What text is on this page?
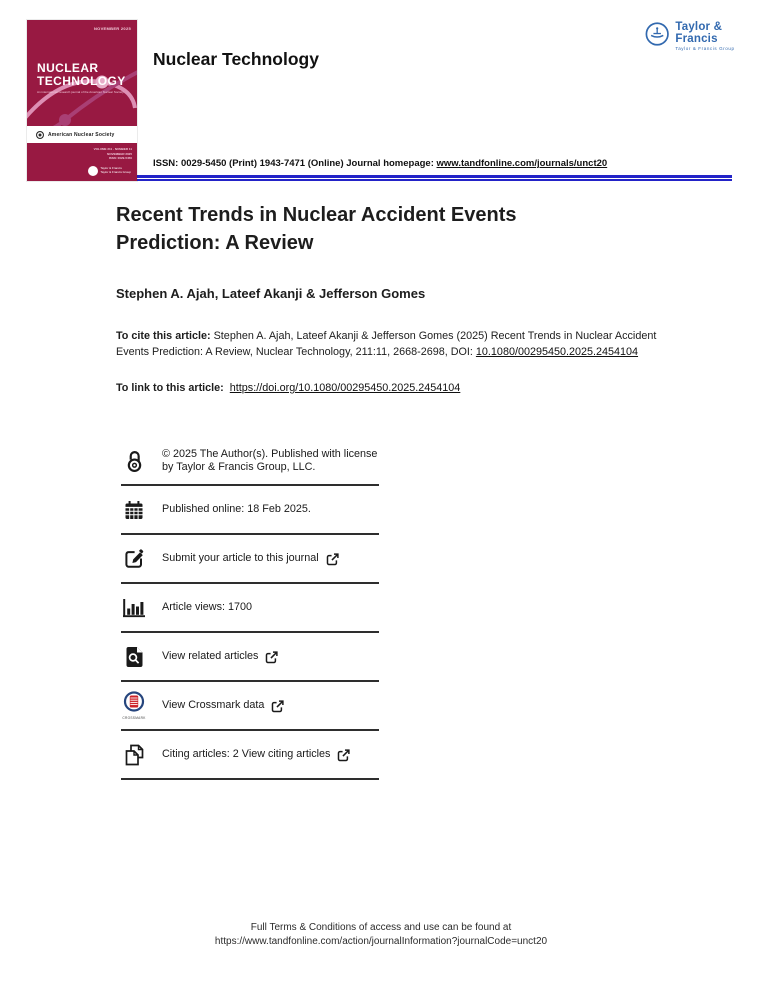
NOVEMBER 2025
NUCLEAR
TECHNOLOGY
An international research journal of the American Nuclear Society
American Nuclear Society
VOLUME 211 · NUMBER 11
NOVEMBER 2025
ISSN: 0029-5450
Taylor & Francis
Taylor & Francis Group
Taylor & Francis
Taylor & Francis Group
Nuclear Technology
ISSN: 0029-5450 (Print) 1943-7471 (Online) Journal homepage: www.tandfonline.com/journals/unct20
Recent Trends in Nuclear Accident Events Prediction: A Review
Stephen A. Ajah, Lateef Akanji & Jefferson Gomes
To cite this article: Stephen A. Ajah, Lateef Akanji & Jefferson Gomes (2025) Recent Trends in Nuclear Accident Events Prediction: A Review, Nuclear Technology, 211:11, 2668-2698, DOI: 10.1080/00295450.2025.2454104
To link to this article: https://doi.org/10.1080/00295450.2025.2454104
© 2025 The Author(s). Published with license by Taylor & Francis Group, LLC.
Published online: 18 Feb 2025.
Submit your article to this journal
Article views: 1700
View related articles
CROSSMARK
View Crossmark data
Citing articles: 2 View citing articles
Full Terms & Conditions of access and use can be found at
https://www.tandfonline.com/action/journalInformation?journalCode=unct20
